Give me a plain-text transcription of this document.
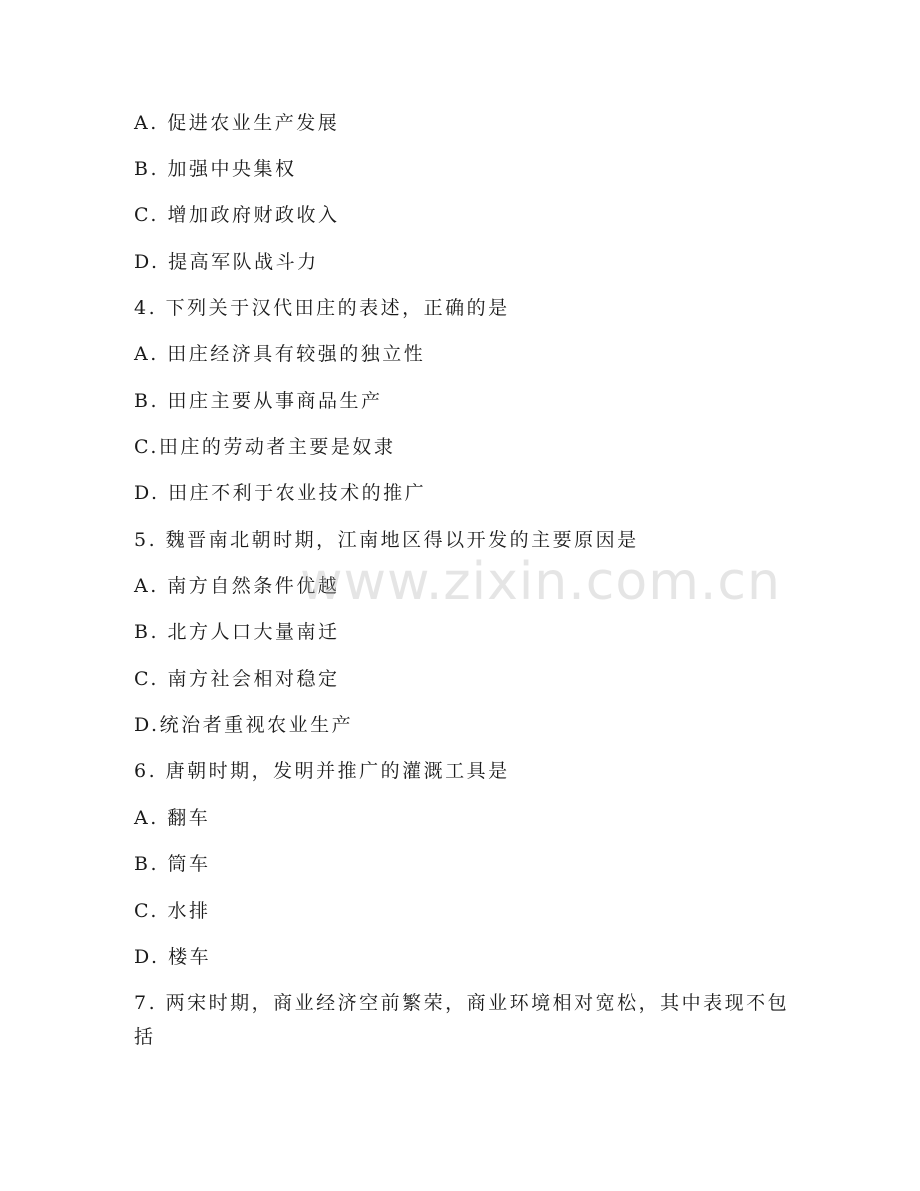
A. 促进农业生产发展
B. 加强中央集权
C. 增加政府财政收入
D. 提高军队战斗力
4. 下列关于汉代田庄的表述，正确的是
A. 田庄经济具有较强的独立性
B. 田庄主要从事商品生产
C.田庄的劳动者主要是奴隶
D. 田庄不利于农业技术的推广
5. 魏晋南北朝时期，江南地区得以开发的主要原因是
A. 南方自然条件优越
B. 北方人口大量南迁
C. 南方社会相对稳定
D.统治者重视农业生产
6. 唐朝时期，发明并推广的灌溉工具是
A. 翻车
B. 筒车
C. 水排
D. 楼车
7. 两宋时期，商业经济空前繁荣，商业环境相对宽松，其中表现不包括
www.zixin.com.cn
